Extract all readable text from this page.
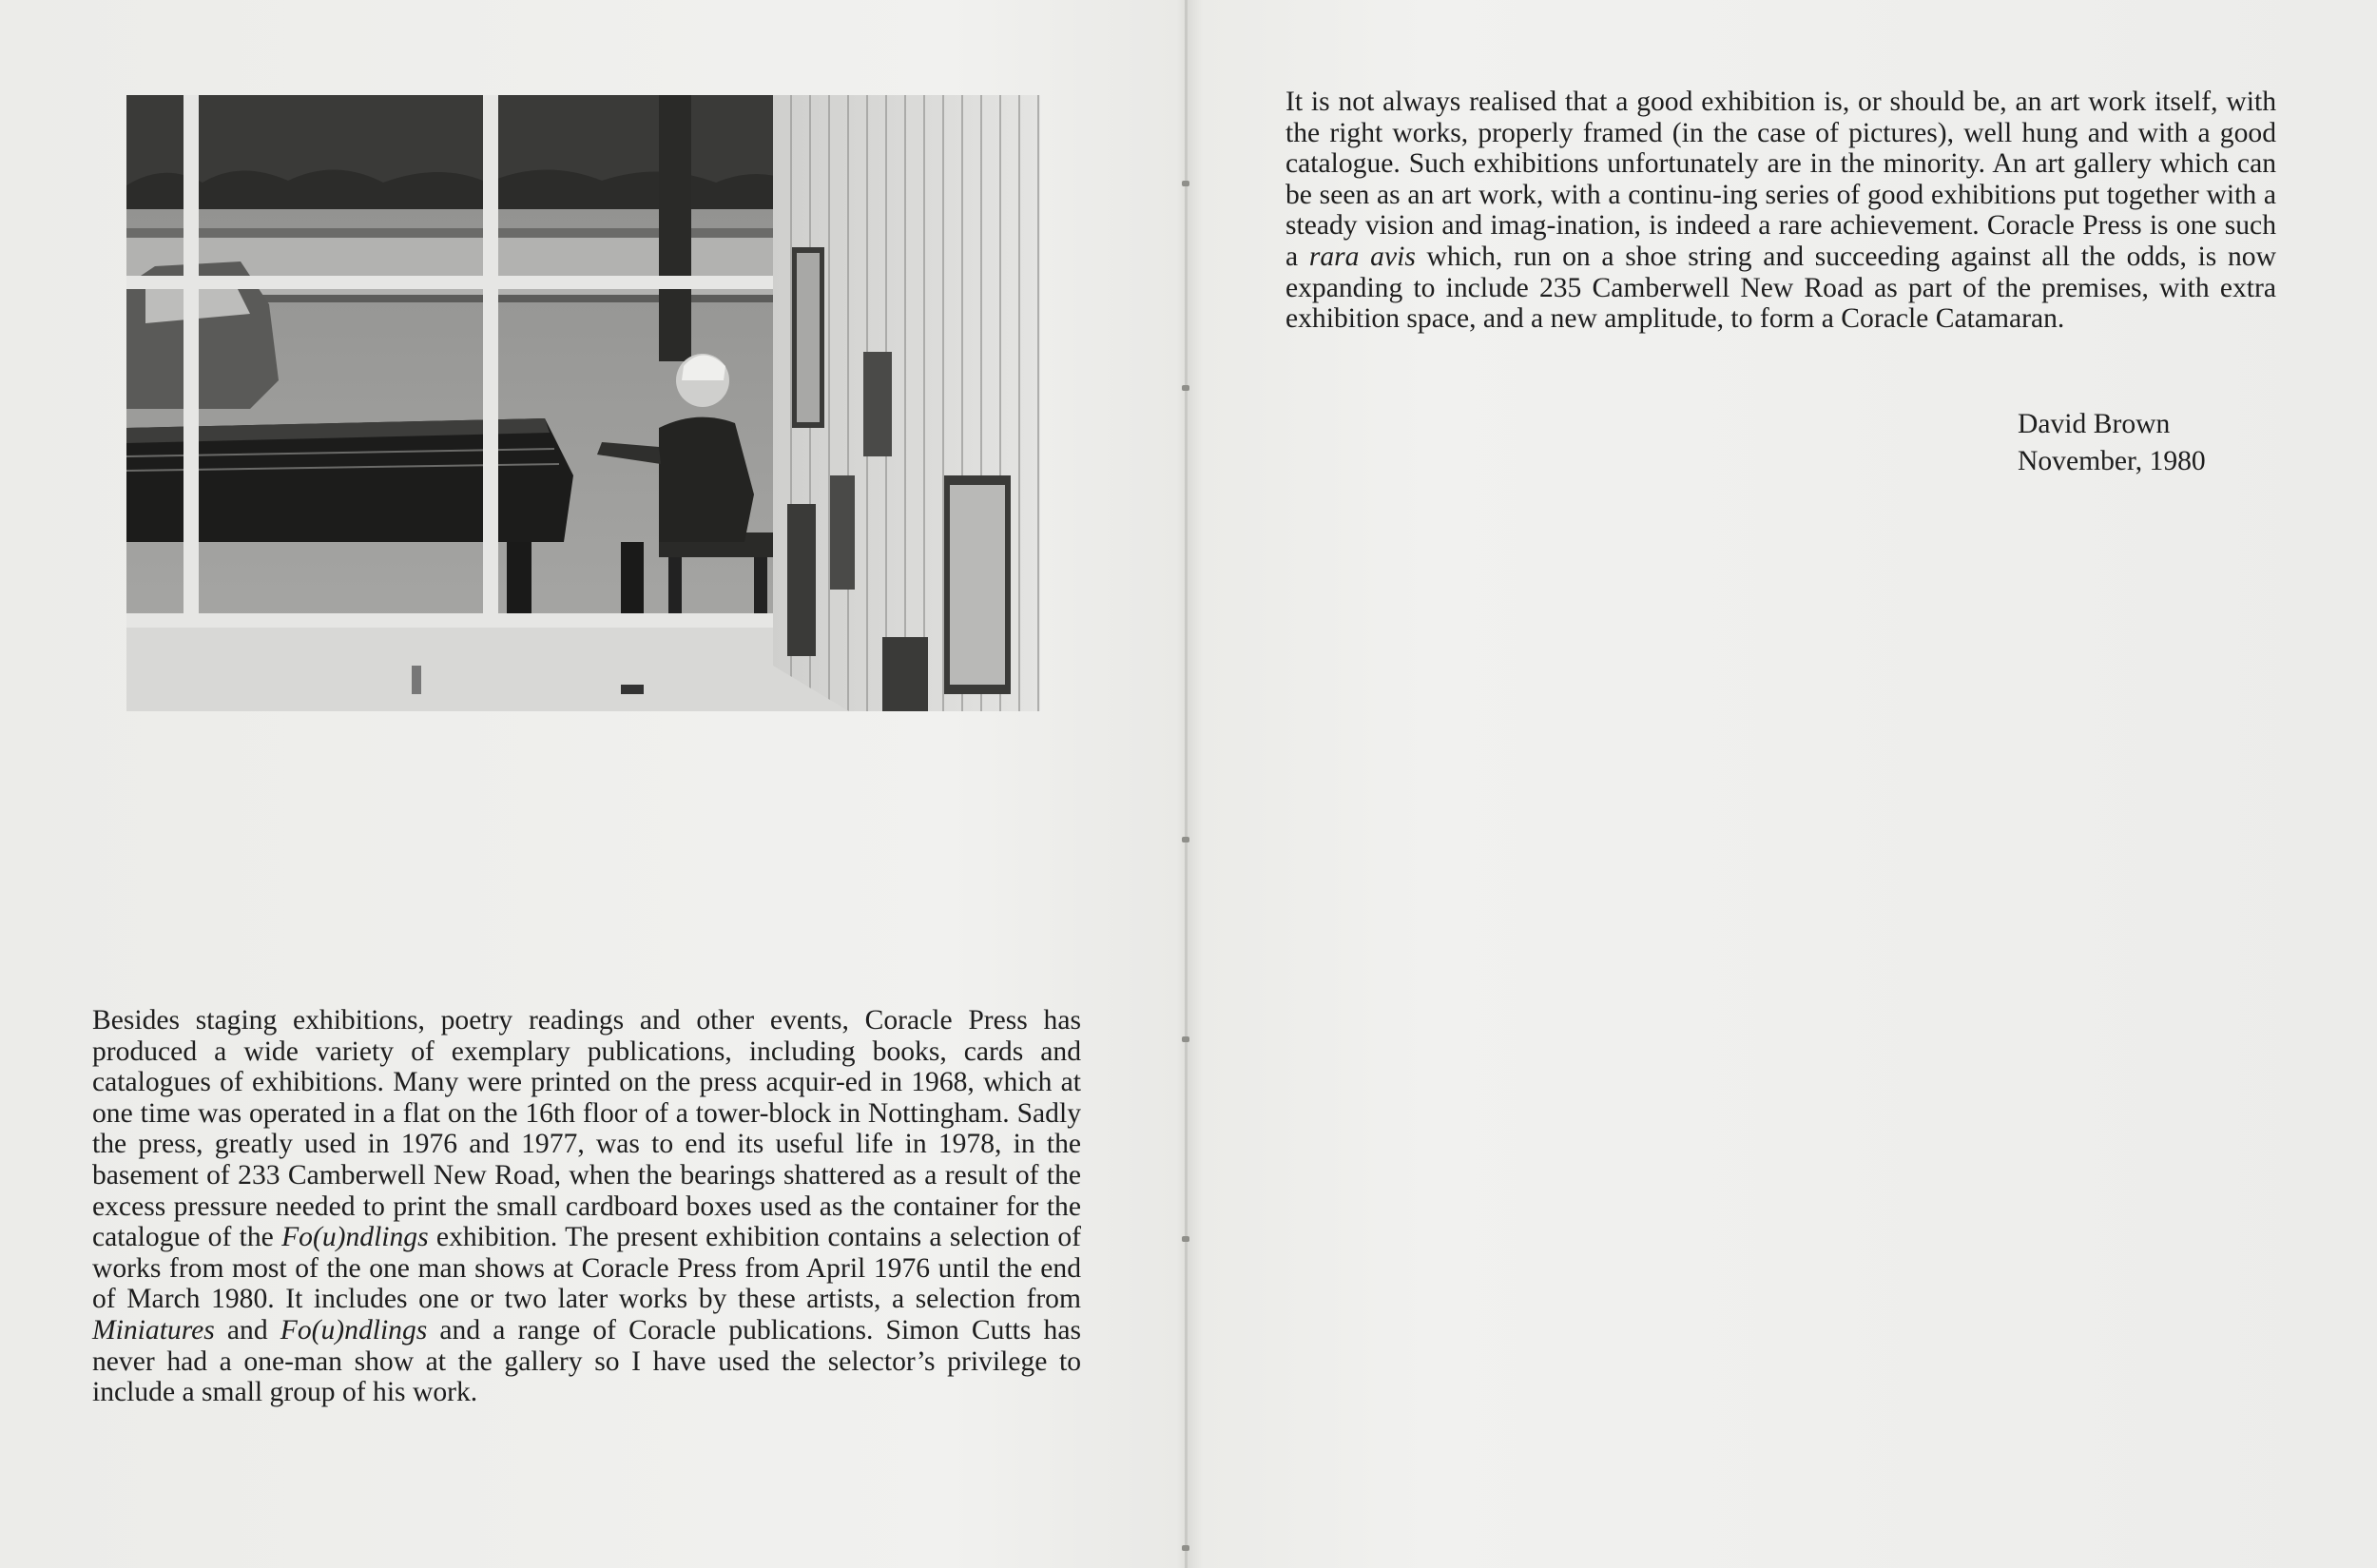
Besides staging exhibitions, poetry readings and other events, Coracle Press has produced a wide variety of exemplary publications, including books, cards and catalogues of exhibitions. Many were printed on the press acquir-ed in 1968, which at one time was operated in a flat on the 16th floor of a tower-block in Nottingham. Sadly the press, greatly used in 1976 and 1977, was to end its useful life in 1978, in the basement of 233 Camberwell New Road, when the bearings shattered as a result of the excess pressure needed to print the small cardboard boxes used as the container for the catalogue of the Fo(u)ndlings exhibition. The present exhibition contains a selection of works from most of the one man shows at Coracle Press from April 1976 until the end of March 1980. It includes one or two later works by these artists, a selection from Miniatures and Fo(u)ndlings and a range of Coracle publications. Simon Cutts has never had a one-man show at the gallery so I have used the selector’s privilege to include a small group of his work.

It is not always realised that a good exhibition is, or should be, an art work itself, with the right works, properly framed (in the case of pictures), well hung and with a good catalogue. Such exhibitions unfortunately are in the minority. An art gallery which can be seen as an art work, with a continu-ing series of good exhibitions put together with a steady vision and imag-ination, is indeed a rare achievement. Coracle Press is one such a rara avis which, run on a shoe string and succeeding against all the odds, is now expanding to include 235 Camberwell New Road as part of the premises, with extra exhibition space, and a new amplitude, to form a Coracle Catamaran.

David Brown
November, 1980
